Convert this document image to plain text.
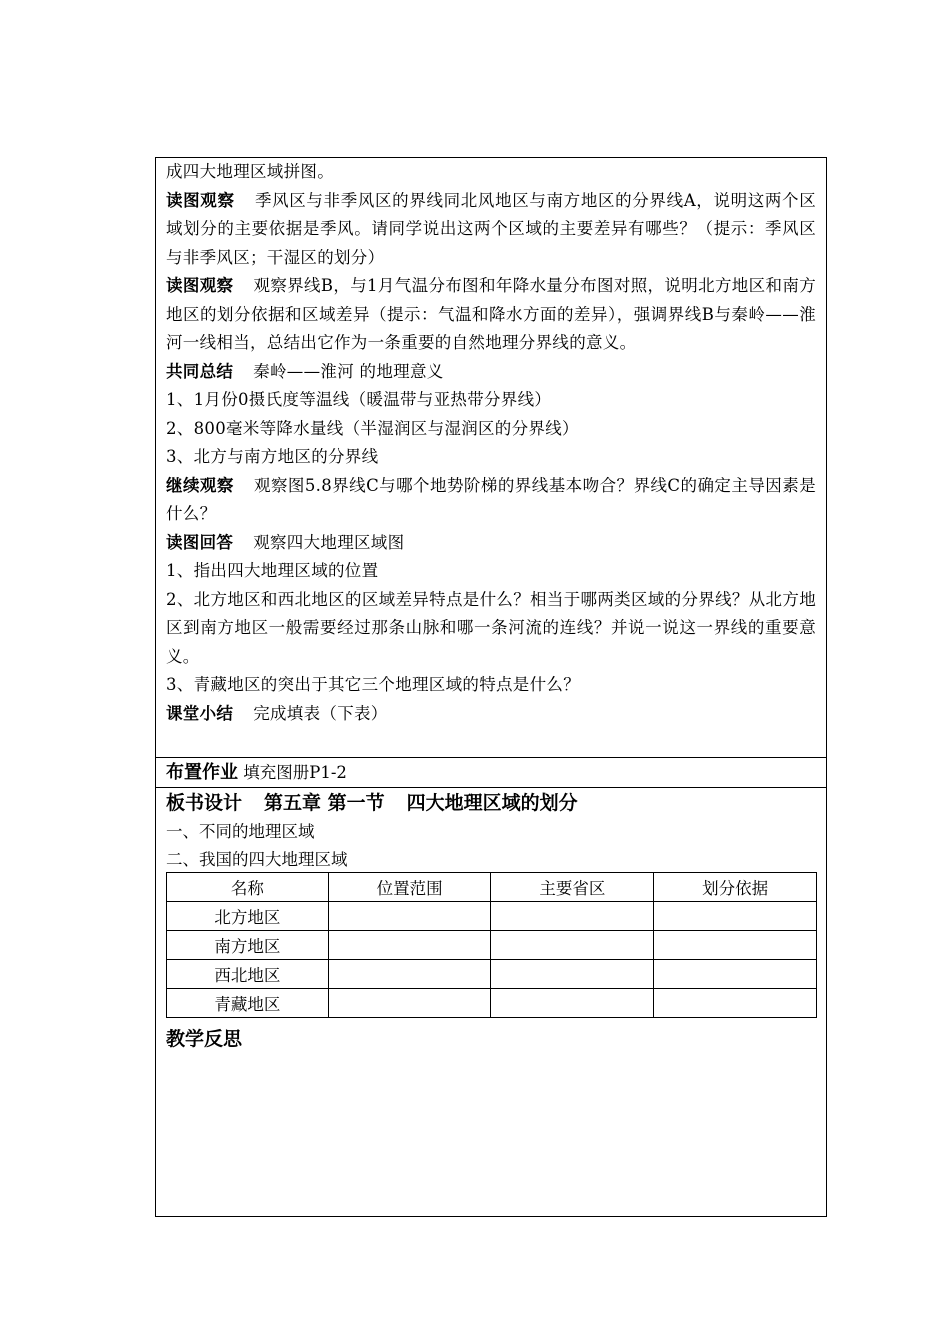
成四大地理区域拼图。

读图观察 季风区与非季风区的界线同北风地区与南方地区的分界线A，说明这两个区域划分的主要依据是季风。请同学说出这两个区域的主要差异有哪些？（提示：季风区与非季风区；干湿区的划分）

读图观察 观察界线B，与1月气温分布图和年降水量分布图对照，说明北方地区和南方地区的划分依据和区域差异（提示：气温和降水方面的差异），强调界线B与秦岭——淮河一线相当，总结出它作为一条重要的自然地理分界线的意义。

共同总结 秦岭——淮河 的地理意义

1、1月份0摄氏度等温线（暖温带与亚热带分界线）

2、800毫米等降水量线（半湿润区与湿润区的分界线）

3、北方与南方地区的分界线

继续观察 观察图5.8界线C与哪个地势阶梯的界线基本吻合？界线C的确定主导因素是什么？

读图回答 观察四大地理区域图

1、指出四大地理区域的位置

2、北方地区和西北地区的区域差异特点是什么？相当于哪两类区域的分界线？从北方地区到南方地区一般需要经过那条山脉和哪一条河流的连线？并说一说这一界线的重要意义。

3、青藏地区的突出于其它三个地理区域的特点是什么？

课堂小结 完成填表（下表）

布置作业 填充图册P1-2
板书设计 第五章 第一节 四大地理区域的划分
一、不同的地理区域
二、我国的四大地理区域
名称	位置范围	主要省区	划分依据
北方地区			
南方地区			
西北地区			
青藏地区			
教学反思
